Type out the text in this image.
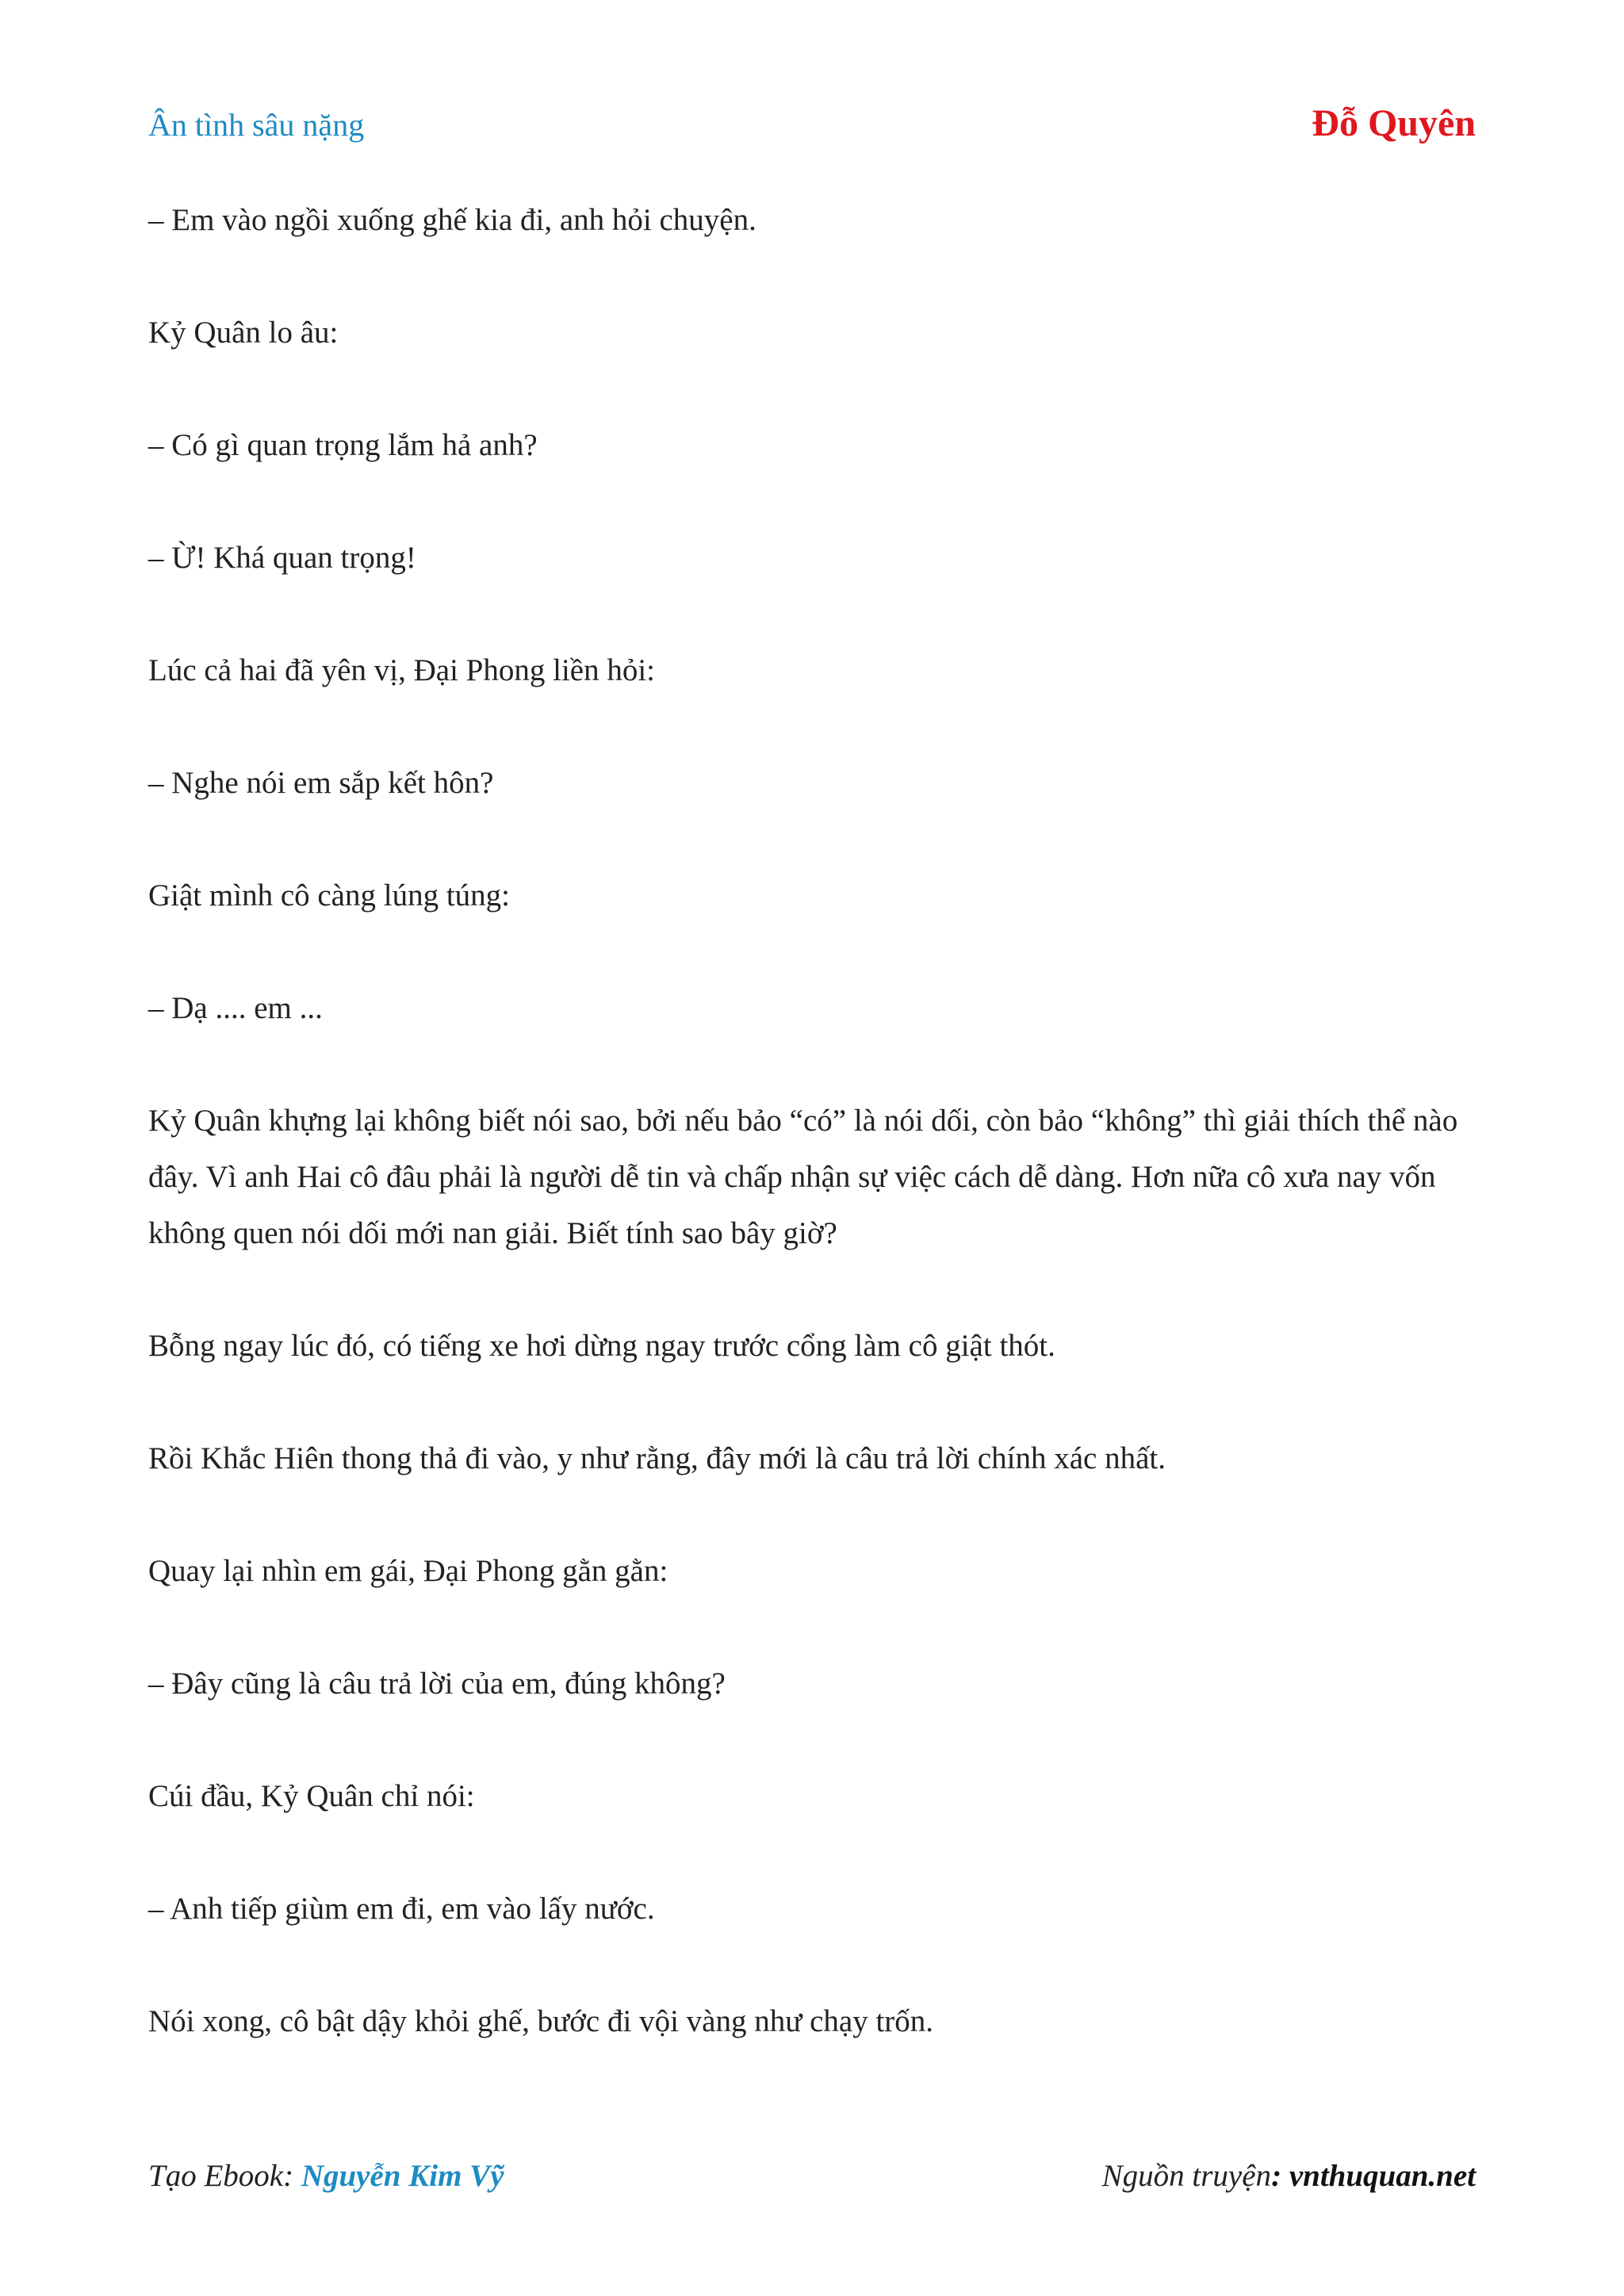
Ân tình sâu nặng	Đỗ Quyên

– Em vào ngồi xuống ghế kia đi, anh hỏi chuyện.

Kỷ Quân lo âu:

– Có gì quan trọng lắm hả anh?

– Ừ! Khá quan trọng!

Lúc cả hai đã yên vị, Đại Phong liền hỏi:

– Nghe nói em sắp kết hôn?

Giật mình cô càng lúng túng:

– Dạ .... em ...

Kỷ Quân khựng lại không biết nói sao, bởi nếu bảo “có” là nói dối, còn bảo “không” thì giải thích thể nào đây. Vì anh Hai cô đâu phải là người dễ tin và chấp nhận sự việc cách dễ dàng. Hơn nữa cô xưa nay vốn không quen nói dối mới nan giải. Biết tính sao bây giờ?

Bỗng ngay lúc đó, có tiếng xe hơi dừng ngay trước cổng làm cô giật thót.

Rồi Khắc Hiên thong thả đi vào, y như rằng, đây mới là câu trả lời chính xác nhất.

Quay lại nhìn em gái, Đại Phong gằn gằn:

– Đây cũng là câu trả lời của em, đúng không?

Cúi đầu, Kỷ Quân chỉ nói:

– Anh tiếp giùm em đi, em vào lấy nước.

Nói xong, cô bật dậy khỏi ghế, bước đi vội vàng như chạy trốn.

Tạo Ebook: Nguyễn Kim Vỹ	Nguồn truyện: vnthuquan.net
